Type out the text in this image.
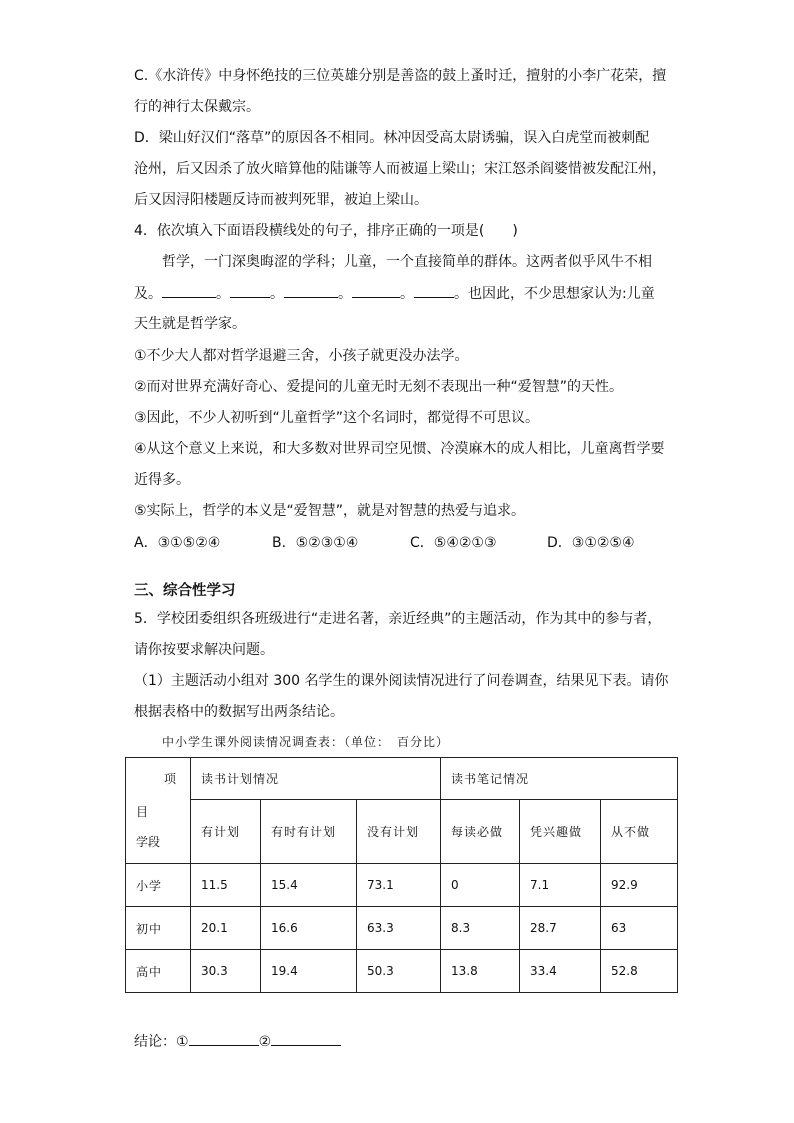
C.《水浒传》中身怀绝技的三位英雄分别是善盗的鼓上蚤时迁，擅射的小李广花荣，擅
行的神行太保戴宗。
D．梁山好汉们“落草”的原因各不相同。林冲因受高太尉诱骗，误入白虎堂而被刺配
沧州，后又因杀了放火暗算他的陆谦等人而被逼上梁山；宋江怒杀阎婆惜被发配江州，
后又因浔阳楼题反诗而被判死罪，被迫上梁山。
4．依次填入下面语段横线处的句子，排序正确的一项是(　　)
哲学，一门深奥晦涩的学科；儿童，一个直接简单的群体。这两者似乎风牛不相
及。	。	。	。	。	。也因此，不少思想家认为:儿童
天生就是哲学家。
①不少大人都对哲学退避三舍，小孩子就更没办法学。
②而对世界充满好奇心、爱提问的儿童无时无刻不表现出一种“爱智慧”的天性。
③因此，不少人初听到“儿童哲学”这个名词时，都觉得不可思议。
④从这个意义上来说，和大多数对世界司空见惯、冷漠麻木的成人相比，儿童离哲学要
近得多。
⑤实际上，哲学的本义是“爱智慧”，就是对智慧的热爱与追求。
A．③①⑤②④	B．⑤②③①④	C．⑤④②①③	D．③①②⑤④
三、综合性学习
5．学校团委组织各班级进行“走进名著，亲近经典”的主题活动，作为其中的参与者，
请你按要求解决问题。
（1）主题活动小组对 300 名学生的课外阅读情况进行了问卷调查，结果见下表。请你
根据表格中的数据写出两条结论。
中小学生课外阅读情况调查表：（单位：　百分比）
项
目
学段	读书计划情况			读书笔记情况		
	有计划	有时有计划	没有计划	每读必做	凭兴趣做	从不做
小学	11.5	15.4	73.1	0	7.1	92.9
初中	20.1	16.6	63.3	8.3	28.7	63
高中	30.3	19.4	50.3	13.8	33.4	52.8
结论：①	②
